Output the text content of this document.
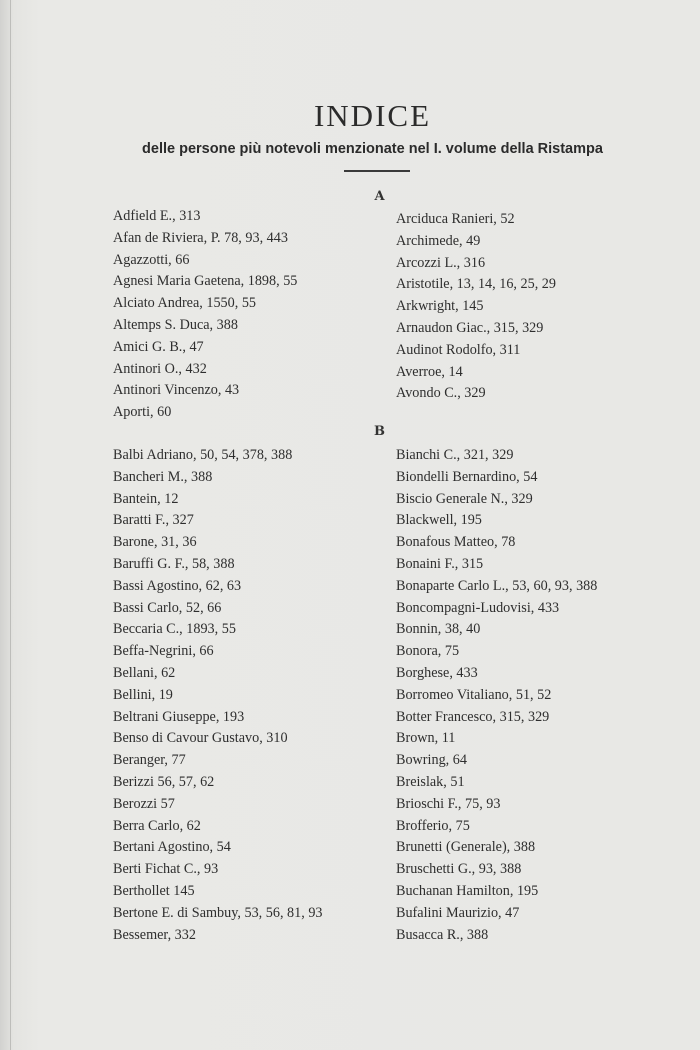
INDICE
delle persone più notevoli menzionate nel I. volume della Ristampa
A
Adfield E., 313
Afan de Riviera, P. 78, 93, 443
Agazzotti, 66
Agnesi Maria Gaetena, 1898, 55
Alciato Andrea, 1550, 55
Altemps S. Duca, 388
Amici G. B., 47
Antinori O., 432
Antinori Vincenzo, 43
Aporti, 60
Arciduca Ranieri, 52
Archimede, 49
Arcozzi L., 316
Aristotile, 13, 14, 16, 25, 29
Arkwright, 145
Arnaudon Giac., 315, 329
Audinot Rodolfo, 311
Averroe, 14
Avondo C., 329
B
Balbi Adriano, 50, 54, 378, 388
Bancheri M., 388
Bantein, 12
Baratti F., 327
Barone, 31, 36
Baruffi G. F., 58, 388
Bassi Agostino, 62, 63
Bassi Carlo, 52, 66
Beccaria C., 1893, 55
Beffa-Negrini, 66
Bellani, 62
Bellini, 19
Beltrani Giuseppe, 193
Benso di Cavour Gustavo, 310
Beranger, 77
Berizzi 56, 57, 62
Berozzi 57
Berra Carlo, 62
Bertani Agostino, 54
Berti Fichat C., 93
Berthollet 145
Bertone E. di Sambuy, 53, 56, 81, 93
Bessemer, 332
Bianchi C., 321, 329
Biondelli Bernardino, 54
Biscio Generale N., 329
Blackwell, 195
Bonafous Matteo, 78
Bonaini F., 315
Bonaparte Carlo L., 53, 60, 93, 388
Boncompagni-Ludovisi, 433
Bonnin, 38, 40
Bonora, 75
Borghese, 433
Borromeo Vitaliano, 51, 52
Botter Francesco, 315, 329
Brown, 11
Bowring, 64
Breislak, 51
Brioschi F., 75, 93
Brofferio, 75
Brunetti (Generale), 388
Bruschetti G., 93, 388
Buchanan Hamilton, 195
Bufalini Maurizio, 47
Busacca R., 388
